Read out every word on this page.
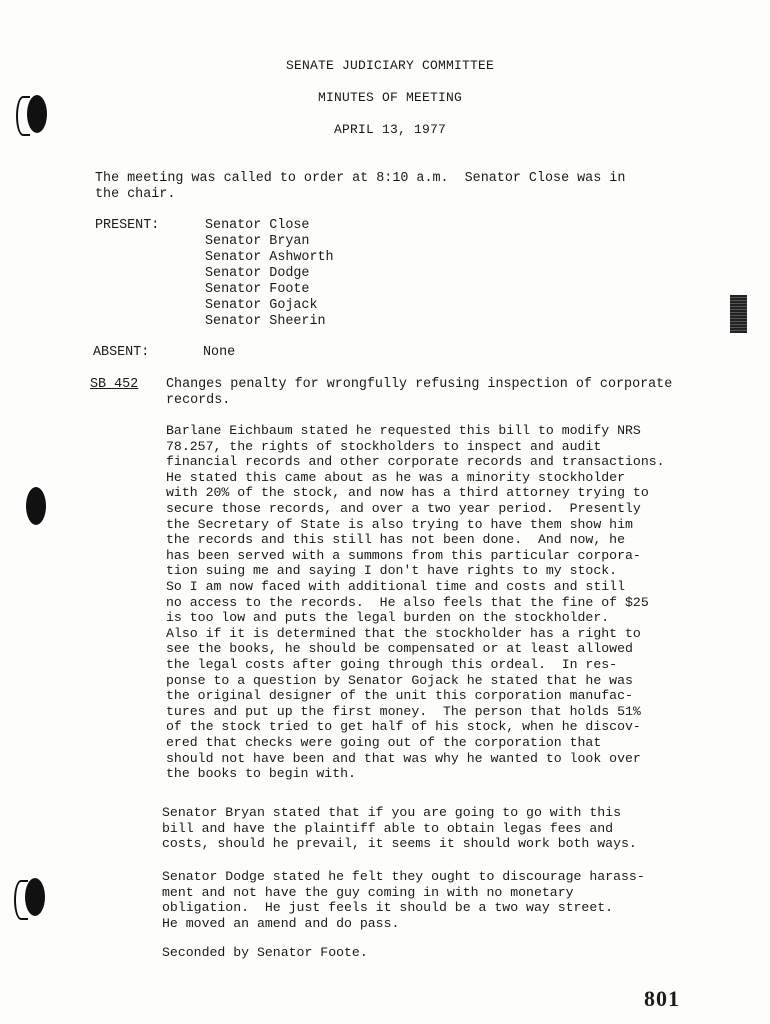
SENATE JUDICIARY COMMITTEE
MINUTES OF MEETING
APRIL 13, 1977
The meeting was called to order at 8:10 a.m.  Senator Close was in
the chair.
PRESENT:	Senator Close
Senator Bryan
Senator Ashworth
Senator Dodge
Senator Foote
Senator Gojack
Senator Sheerin
ABSENT:	None
SB 452 Changes penalty for wrongfully refusing inspection of corporate
records.
Barlane Eichbaum stated he requested this bill to modify NRS
78.257, the rights of stockholders to inspect and audit
financial records and other corporate records and transactions.
He stated this came about as he was a minority stockholder
with 20% of the stock, and now has a third attorney trying to
secure those records, and over a two year period.  Presently
the Secretary of State is also trying to have them show him
the records and this still has not been done.  And now, he
has been served with a summons from this particular corpora-
tion suing me and saying I don't have rights to my stock.
So I am now faced with additional time and costs and still
no access to the records.  He also feels that the fine of $25
is too low and puts the legal burden on the stockholder.
Also if it is determined that the stockholder has a right to
see the books, he should be compensated or at least allowed
the legal costs after going through this ordeal.  In res-
ponse to a question by Senator Gojack he stated that he was
the original designer of the unit this corporation manufac-
tures and put up the first money.  The person that holds 51%
of the stock tried to get half of his stock, when he discov-
ered that checks were going out of the corporation that
should not have been and that was why he wanted to look over
the books to begin with.
Senator Bryan stated that if you are going to go with this
bill and have the plaintiff able to obtain legas fees and
costs, should he prevail, it seems it should work both ways.
Senator Dodge stated he felt they ought to discourage harass-
ment and not have the guy coming in with no monetary
obligation.  He just feels it should be a two way street.
He moved an amend and do pass.
Seconded by Senator Foote.
801
